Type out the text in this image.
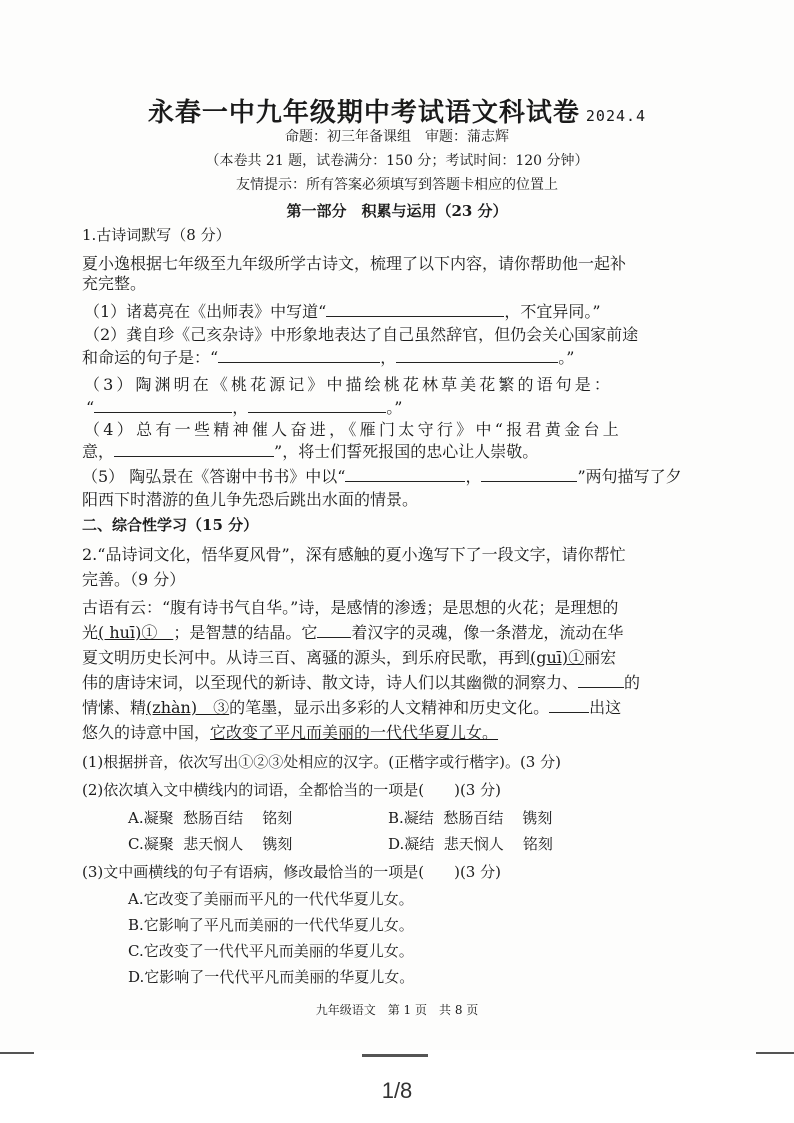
永春一中九年级期中考试语文科试卷 2024.4
命题：初三年备课组　审题：蒲志辉
（本卷共 21 题，试卷满分：150 分；考试时间：120 分钟）
友情提示：所有答案必须填写到答题卡相应的位置上
第一部分　积累与运用（23 分）
1.古诗词默写（8 分）
夏小逸根据七年级至九年级所学古诗文，梳理了以下内容，请你帮助他一起补
充完整。
（1）诸葛亮在《出师表》中写道“	，不宜异同。”
（2）龚自珍《己亥杂诗》中形象地表达了自己虽然辞官，但仍会关心国家前途
和命运的句子是：“	，	。”
（3）陶渊明在《桃花源记》中描绘桃花林草美花繁的语句是：
“	，	。”
（4）总有一些精神催人奋进，《雁门太守行》中“报君黄金台上
意，	”，将士们誓死报国的忠心让人崇敬。
（5） 陶弘景在《答谢中书书》中以“	，	”两句描写了夕
阳西下时潜游的鱼儿争先恐后跳出水面的情景。
二、综合性学习（15 分）
2.“品诗词文化，悟华夏风骨”，深有感触的夏小逸写下了一段文字，请你帮忙
完善。（9 分）
古语有云：“腹有诗书气自华。”诗，是感情的渗透；是思想的火花；是理想的
光( huī)①　；是智慧的结晶。它 着汉字的灵魂，像一条潜龙，流动在华
夏文明历史长河中。从诗三百、离骚的源头，到乐府民歌，再到(guī)①丽宏
伟的唐诗宋词，以至现代的新诗、散文诗，诗人们以其幽微的洞察力、	的
情愫、精(zhàn)　③的笔墨，显示出多彩的人文精神和历史文化。	出这
悠久的诗意中国，它改变了平凡而美丽的一代代华夏儿女。
(1)根据拼音，依次写出①②③处相应的汉字。(正楷字或行楷字)。(3 分)
(2)依次填入文中横线内的词语，全都恰当的一项是(　　)(3 分)
A.凝聚  愁肠百结    铭刻	B.凝结  愁肠百结    镌刻
C.凝聚  悲天悯人    镌刻	D.凝结  悲天悯人    铭刻
(3)文中画横线的句子有语病，修改最恰当的一项是(　　)(3 分)
A.它改变了美丽而平凡的一代代华夏儿女。
B.它影响了平凡而美丽的一代代华夏儿女。
C.它改变了一代代平凡而美丽的华夏儿女。
D.它影响了一代代平凡而美丽的华夏儿女。
九年级语文　第 1 页　共 8 页
1/8
